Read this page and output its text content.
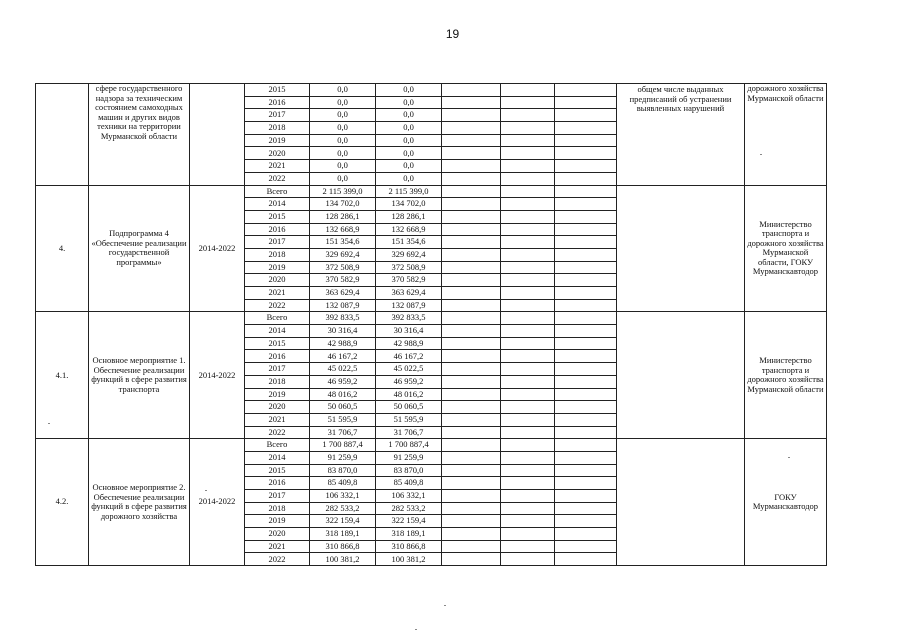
19
	сфере государственного надзора за техническим состоянием самоходных машин и других видов техники на территории Мурманской области		2015	0,0	0,0				общем числе выданных предписаний об устранении выявленных нарушений	дорожного хозяйства Мурманской области
			2016	0,0	0,0					
			2017	0,0	0,0					
			2018	0,0	0,0					
			2019	0,0	0,0					
			2020	0,0	0,0					
			2021	0,0	0,0					
			2022	0,0	0,0					
4.	Подпрограмма 4 «Обеспечение реализации государственной программы»	2014-2022	Всего	2 115 399,0	2 115 399,0					Министерство транспорта и дорожного хозяйства Мурманской области, ГОКУ Мурманскавтодор
			2014	134 702,0	134 702,0					
			2015	128 286,1	128 286,1					
			2016	132 668,9	132 668,9					
			2017	151 354,6	151 354,6					
			2018	329 692,4	329 692,4					
			2019	372 508,9	372 508,9					
			2020	370 582,9	370 582,9					
			2021	363 629,4	363 629,4					
			2022	132 087,9	132 087,9					
4.1.	Основное мероприятие 1. Обеспечение реализации функций в сфере развития транспорта	2014-2022	Всего	392 833,5	392 833,5					Министерство транспорта и дорожного хозяйства Мурманской области
			2014	30 316,4	30 316,4					
			2015	42 988,9	42 988,9					
			2016	46 167,2	46 167,2					
			2017	45 022,5	45 022,5					
			2018	46 959,2	46 959,2					
			2019	48 016,2	48 016,2					
			2020	50 060,5	50 060,5					
			2021	51 595,9	51 595,9					
			2022	31 706,7	31 706,7					
4.2.	Основное мероприятие 2. Обеспечение реализации функций в сфере развития дорожного хозяйства	2014-2022	Всего	1 700 887,4	1 700 887,4					ГОКУ Мурманскавтодор
			2014	91 259,9	91 259,9					
			2015	83 870,0	83 870,0					
			2016	85 409,8	85 409,8					
			2017	106 332,1	106 332,1					
			2018	282 533,2	282 533,2					
			2019	322 159,4	322 159,4					
			2020	318 189,1	318 189,1					
			2021	310 866,8	310 866,8					
			2022	100 381,2	100 381,2					
